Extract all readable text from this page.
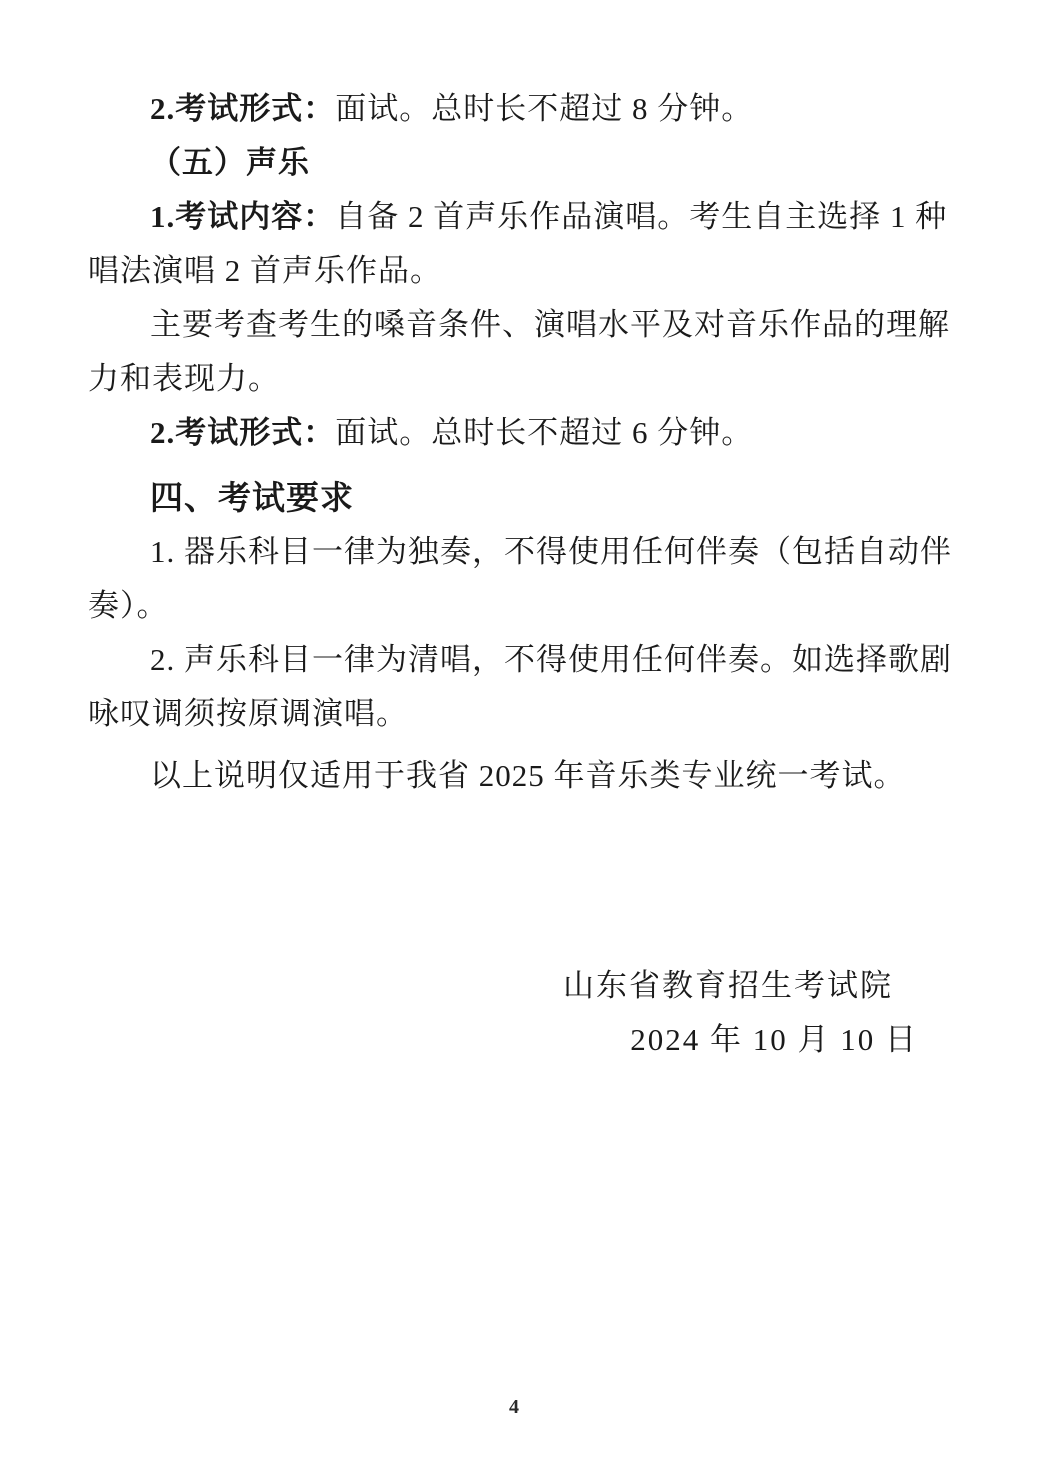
2.考试形式：面试。总时长不超过 8 分钟。
（五）声乐
1.考试内容：自备 2 首声乐作品演唱。考生自主选择 1 种
唱法演唱 2 首声乐作品。
主要考查考生的嗓音条件、演唱水平及对音乐作品的理解
力和表现力。
2.考试形式：面试。总时长不超过 6 分钟。
四、考试要求
1. 器乐科目一律为独奏，不得使用任何伴奏（包括自动伴
奏）。
2. 声乐科目一律为清唱，不得使用任何伴奏。如选择歌剧
咏叹调须按原调演唱。
以上说明仅适用于我省 2025 年音乐类专业统一考试。
山东省教育招生考试院
2024 年 10 月 10 日
4
